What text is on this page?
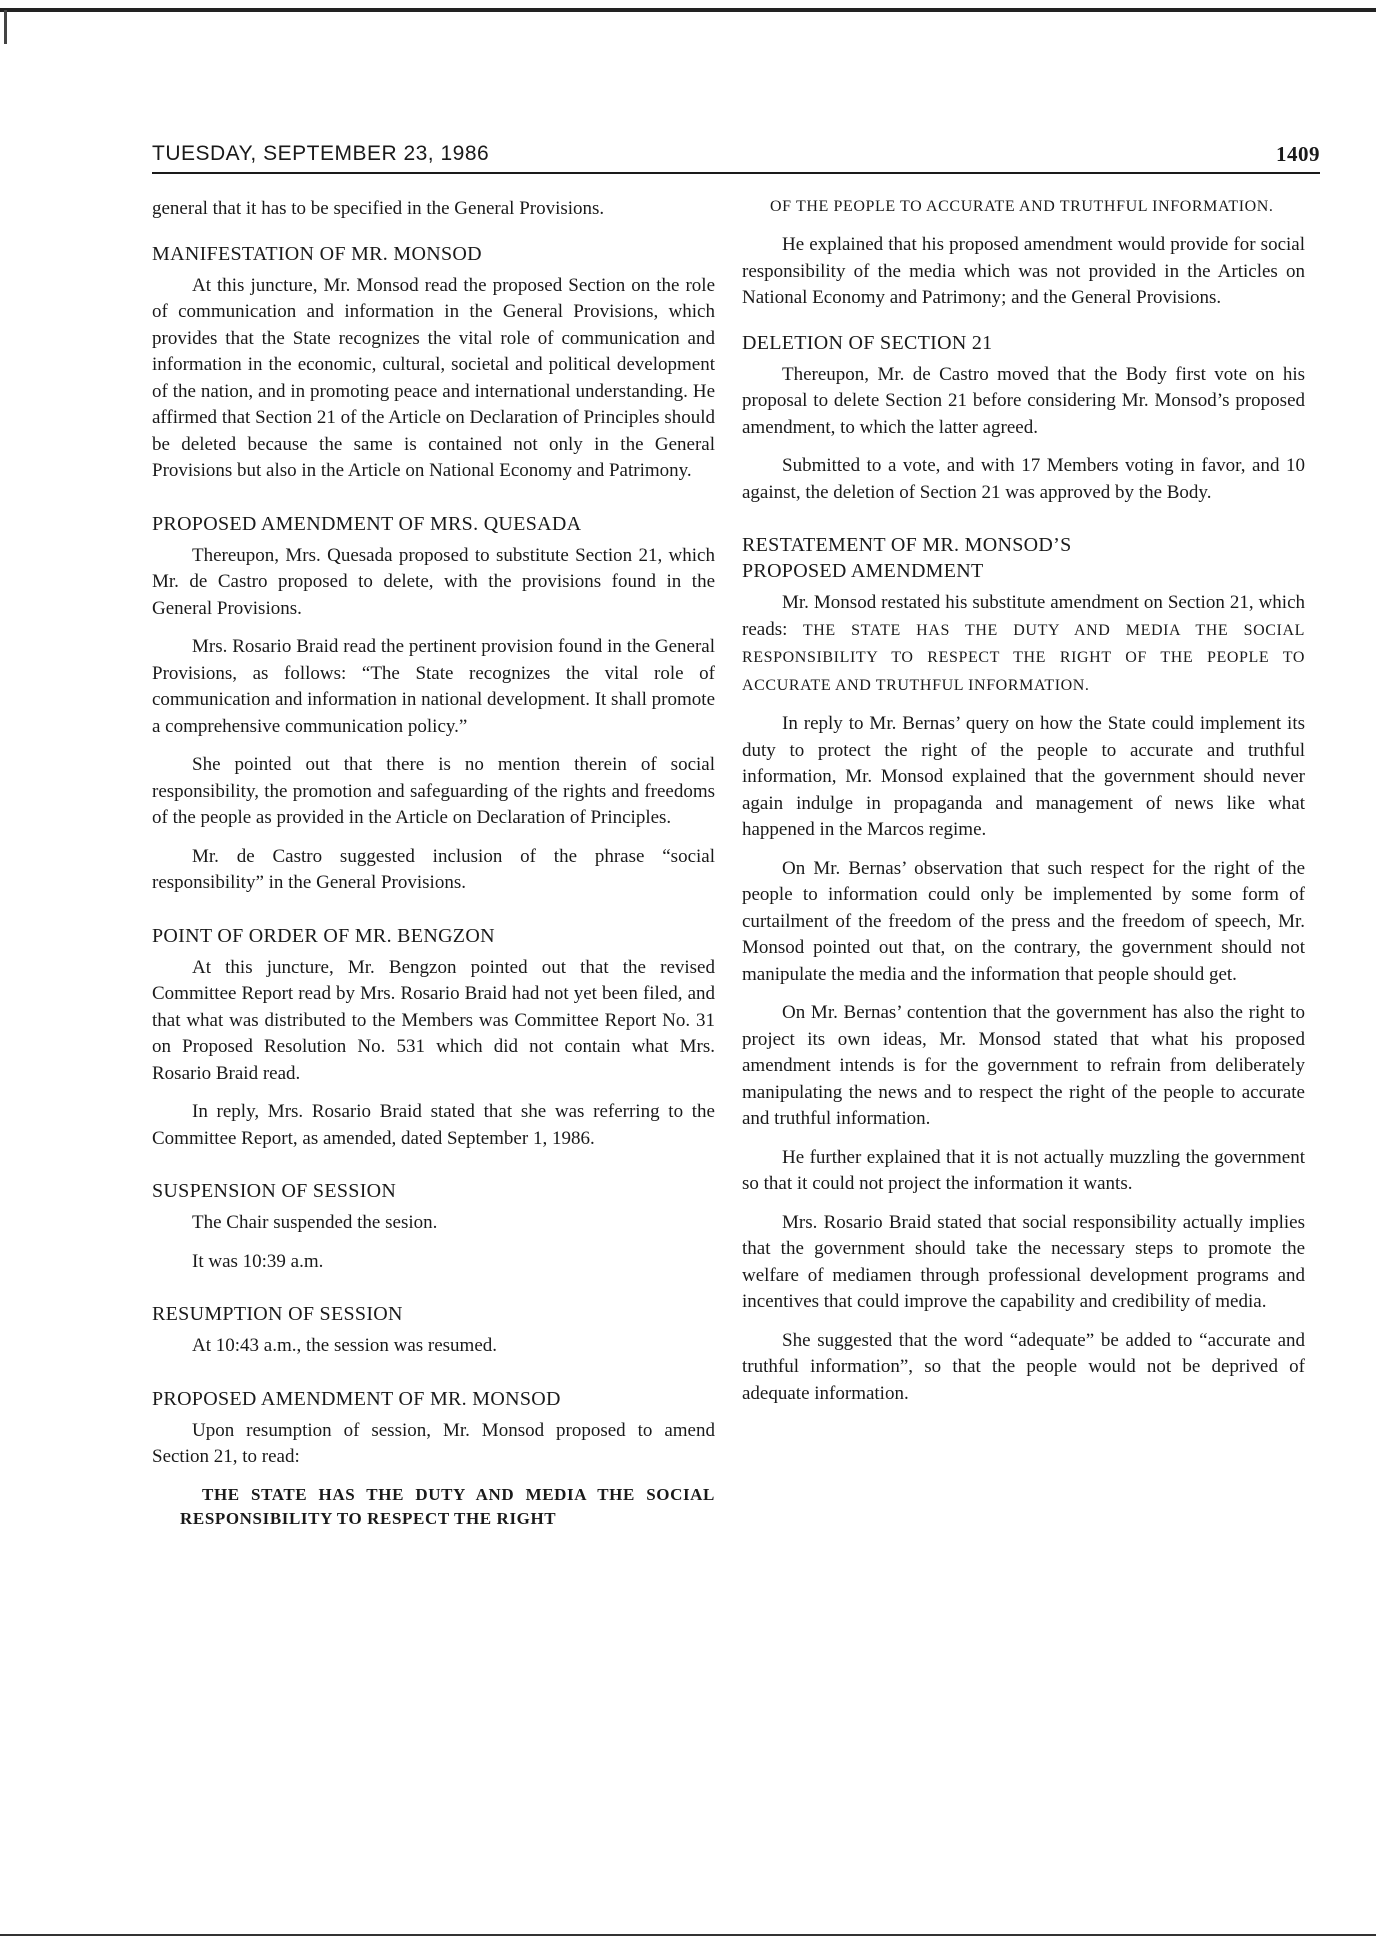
TUESDAY, SEPTEMBER 23, 1986	1409

general that it has to be specified in the General Provisions.

MANIFESTATION OF MR. MONSOD

At this juncture, Mr. Monsod read the proposed Section on the role of communication and information in the General Provisions, which provides that the State recognizes the vital role of communication and information in the economic, cultural, societal and political development of the nation, and in promoting peace and international understanding. He affirmed that Section 21 of the Article on Declaration of Principles should be deleted because the same is contained not only in the General Provisions but also in the Article on National Economy and Patrimony.

PROPOSED AMENDMENT OF MRS. QUESADA

Thereupon, Mrs. Quesada proposed to substitute Section 21, which Mr. de Castro proposed to delete, with the provisions found in the General Provisions.

Mrs. Rosario Braid read the pertinent provision found in the General Provisions, as follows: “The State recognizes the vital role of communication and information in national development. It shall promote a comprehensive communication policy.”

She pointed out that there is no mention therein of social responsibility, the promotion and safeguarding of the rights and freedoms of the people as provided in the Article on Declaration of Principles.

Mr. de Castro suggested inclusion of the phrase “social responsibility” in the General Provisions.

POINT OF ORDER OF MR. BENGZON

At this juncture, Mr. Bengzon pointed out that the revised Committee Report read by Mrs. Rosario Braid had not yet been filed, and that what was distributed to the Members was Committee Report No. 31 on Proposed Resolution No. 531 which did not contain what Mrs. Rosario Braid read.

In reply, Mrs. Rosario Braid stated that she was referring to the Committee Report, as amended, dated September 1, 1986.

SUSPENSION OF SESSION

The Chair suspended the sesion.

It was 10:39 a.m.

RESUMPTION OF SESSION

At 10:43 a.m., the session was resumed.

PROPOSED AMENDMENT OF MR. MONSOD

Upon resumption of session, Mr. Monsod proposed to amend Section 21, to read:

THE STATE HAS THE DUTY AND MEDIA THE SOCIAL RESPONSIBILITY TO RESPECT THE RIGHT

OF THE PEOPLE TO ACCURATE AND TRUTHFUL INFORMATION.

He explained that his proposed amendment would provide for social responsibility of the media which was not provided in the Articles on National Economy and Patrimony; and the General Provisions.

DELETION OF SECTION 21

Thereupon, Mr. de Castro moved that the Body first vote on his proposal to delete Section 21 before considering Mr. Monsod’s proposed amendment, to which the latter agreed.

Submitted to a vote, and with 17 Members voting in favor, and 10 against, the deletion of Section 21 was approved by the Body.

RESTATEMENT OF MR. MONSOD’S
PROPOSED AMENDMENT

Mr. Monsod restated his substitute amendment on Section 21, which reads: THE STATE HAS THE DUTY AND MEDIA THE SOCIAL RESPONSIBILITY TO RESPECT THE RIGHT OF THE PEOPLE TO ACCURATE AND TRUTHFUL INFORMATION.

In reply to Mr. Bernas’ query on how the State could implement its duty to protect the right of the people to accurate and truthful information, Mr. Monsod explained that the government should never again indulge in propaganda and management of news like what happened in the Marcos regime.

On Mr. Bernas’ observation that such respect for the right of the people to information could only be implemented by some form of curtailment of the freedom of the press and the freedom of speech, Mr. Monsod pointed out that, on the contrary, the government should not manipulate the media and the information that people should get.

On Mr. Bernas’ contention that the government has also the right to project its own ideas, Mr. Monsod stated that what his proposed amendment intends is for the government to refrain from deliberately manipulating the news and to respect the right of the people to accurate and truthful information.

He further explained that it is not actually muzzling the government so that it could not project the information it wants.

Mrs. Rosario Braid stated that social responsibility actually implies that the government should take the necessary steps to promote the welfare of mediamen through professional development programs and incentives that could improve the capability and credibility of media.

She suggested that the word “adequate” be added to “accurate and truthful information”, so that the people would not be deprived of adequate information.
